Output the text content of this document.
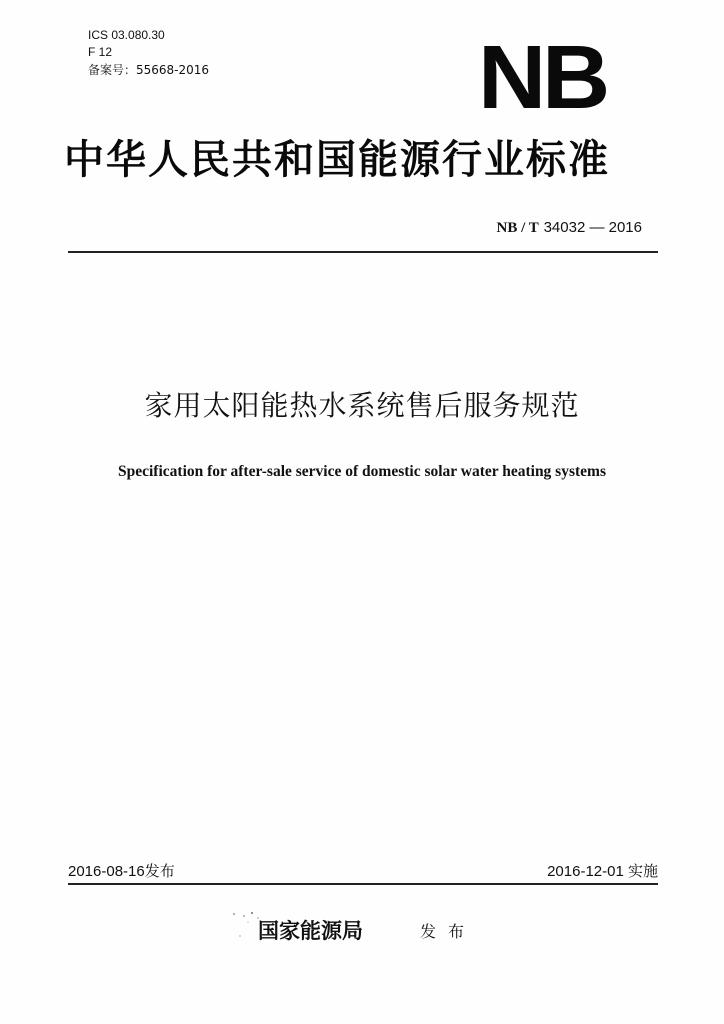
ICS 03.080.30
F 12
备案号：55668-2016	NB
中华人民共和国能源行业标准
NB / T 34032 — 2016
家用太阳能热水系统售后服务规范
Specification for after-sale service of domestic solar water heating systems
2016-08-16发布	2016-12-01 实施
国家能源局	发布
